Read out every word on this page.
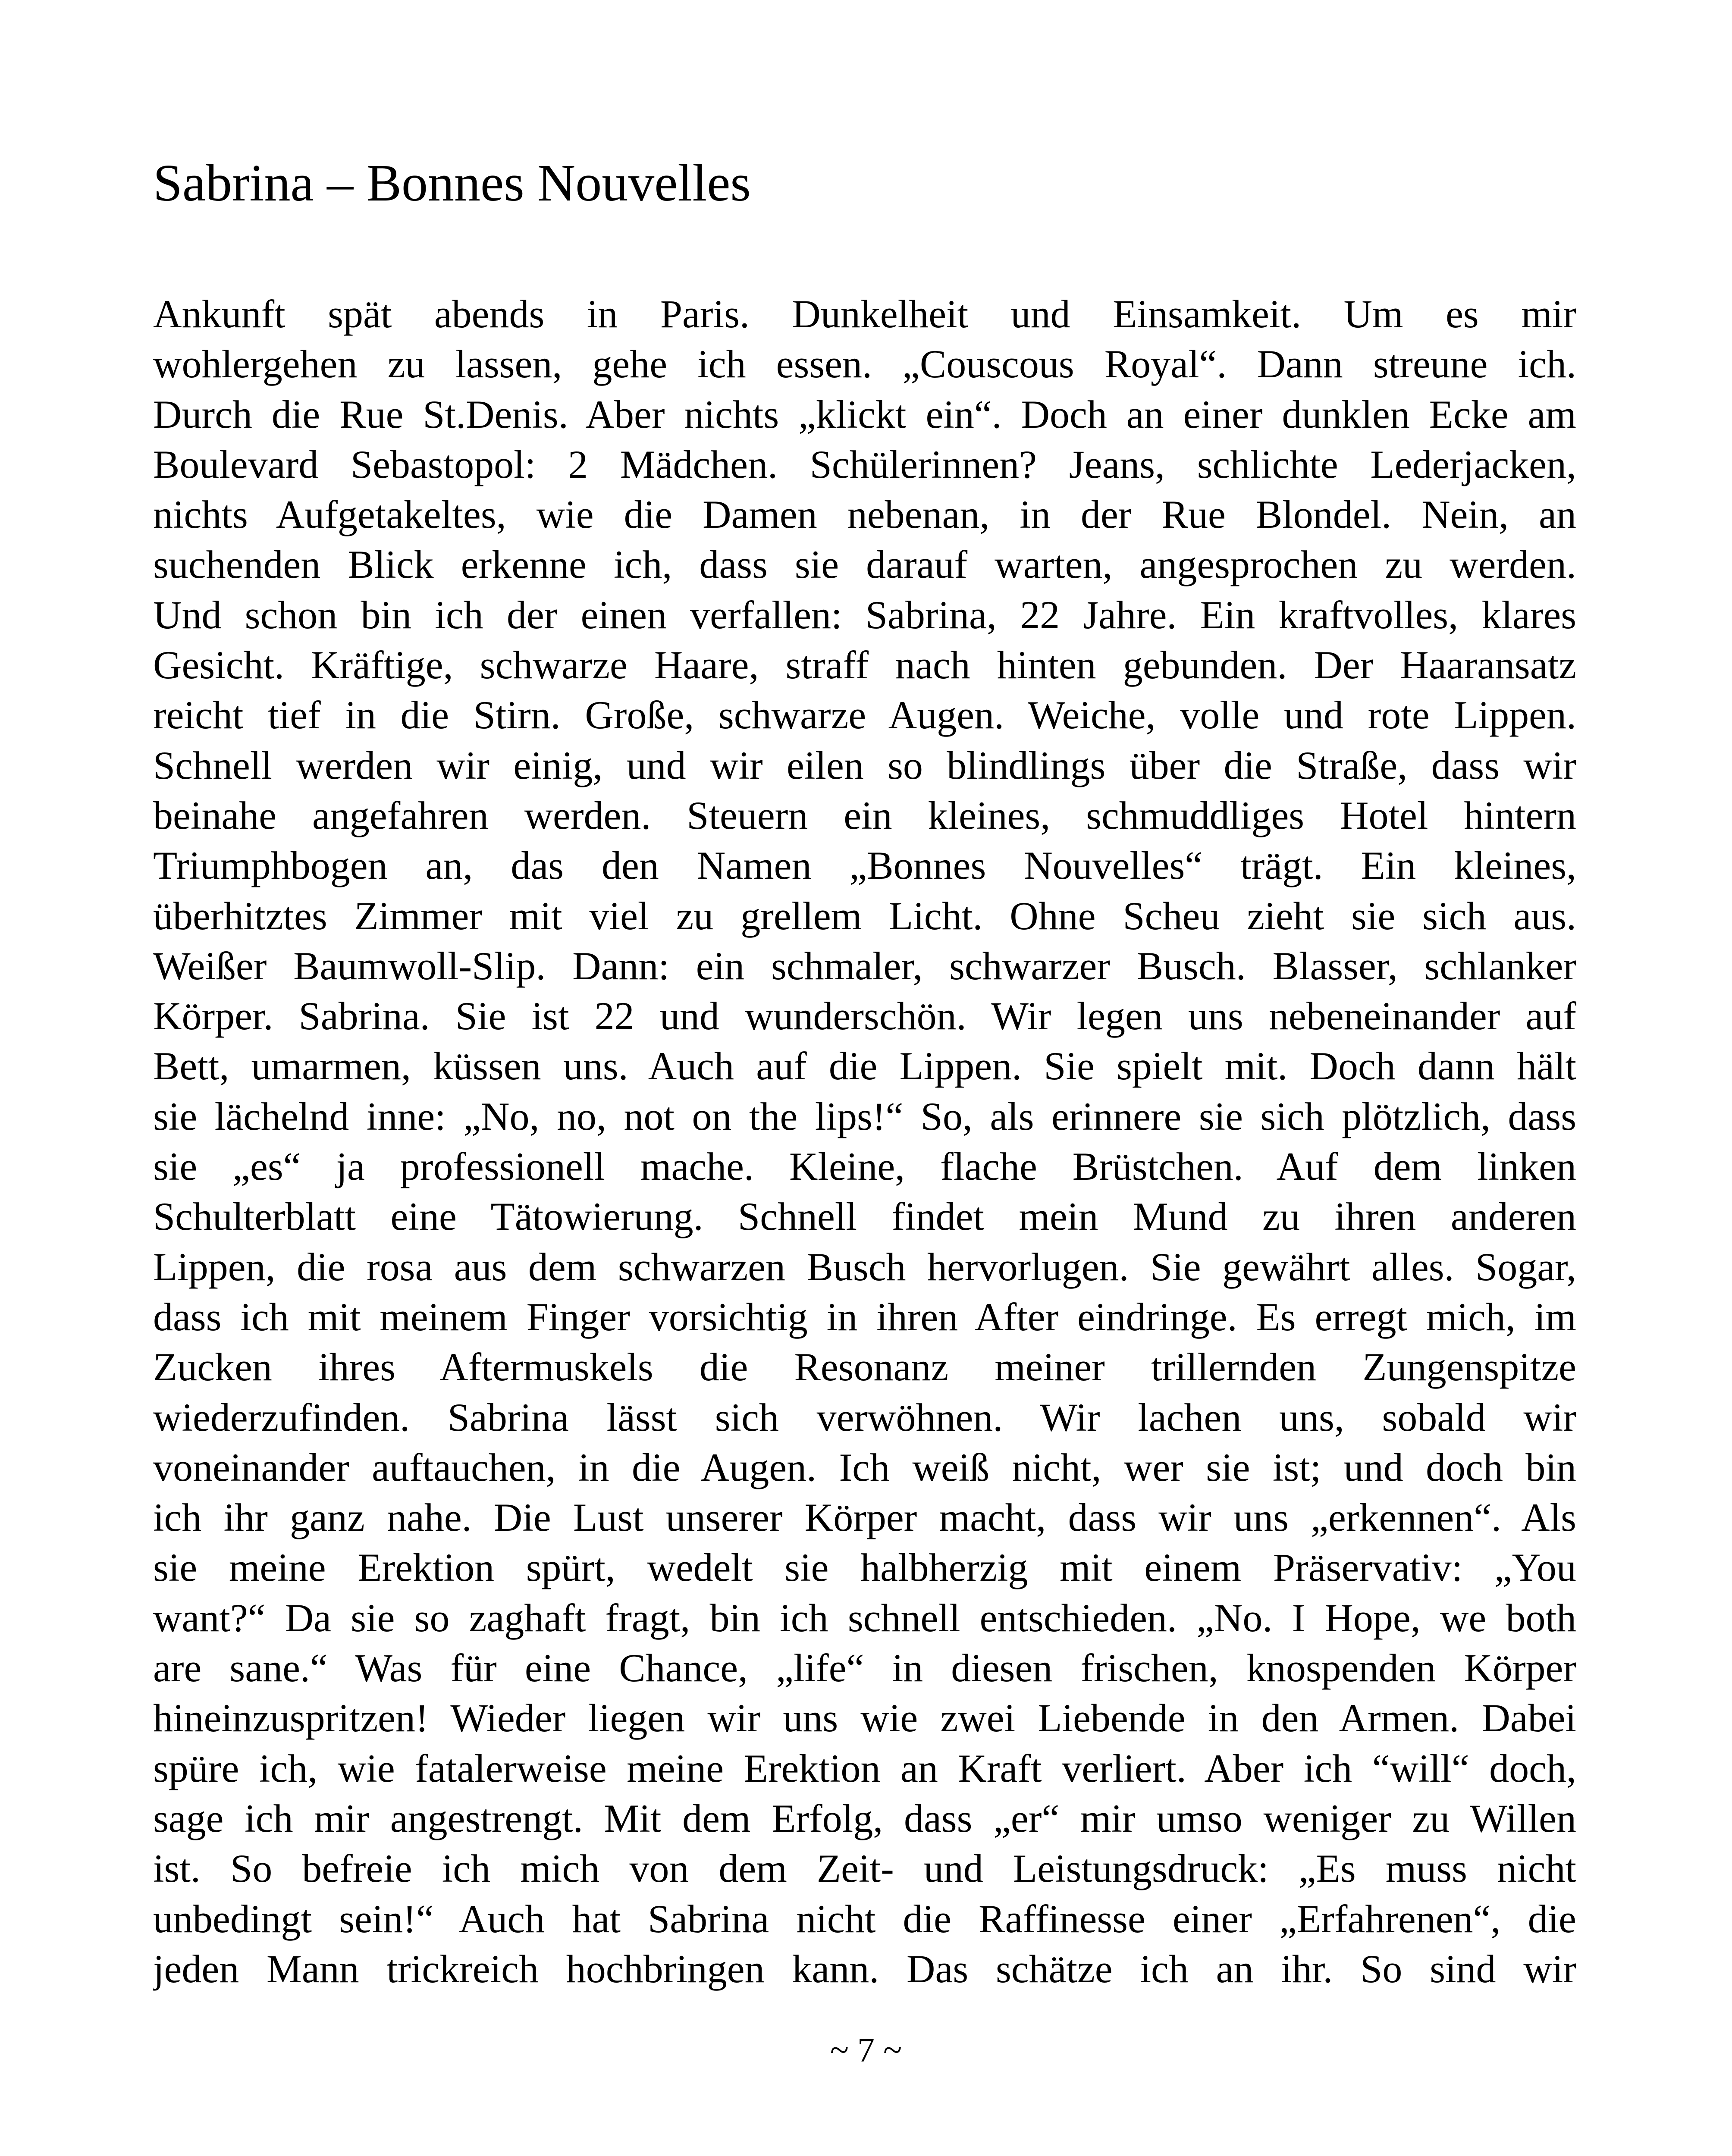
Sabrina – Bonnes Nouvelles
Ankunft spät abends in Paris. Dunkelheit und Einsamkeit. Um es mir
wohlergehen zu lassen, gehe ich essen. „Couscous Royal“. Dann streune ich.
Durch die Rue St.Denis. Aber nichts „klickt ein“. Doch an einer dunklen Ecke am
Boulevard Sebastopol: 2 Mädchen. Schülerinnen? Jeans, schlichte Lederjacken,
nichts Aufgetakeltes, wie die Damen nebenan, in der Rue Blondel. Nein, an
suchenden Blick erkenne ich, dass sie darauf warten, angesprochen zu werden.
Und schon bin ich der einen verfallen: Sabrina, 22 Jahre. Ein kraftvolles, klares
Gesicht. Kräftige, schwarze Haare, straff nach hinten gebunden. Der Haaransatz
reicht tief in die Stirn. Große, schwarze Augen. Weiche, volle und rote Lippen.
Schnell werden wir einig, und wir eilen so blindlings über die Straße, dass wir
beinahe angefahren werden. Steuern ein kleines, schmuddliges Hotel hintern
Triumphbogen an, das den Namen „Bonnes Nouvelles“ trägt. Ein kleines,
überhitztes Zimmer mit viel zu grellem Licht. Ohne Scheu zieht sie sich aus.
Weißer Baumwoll-Slip. Dann: ein schmaler, schwarzer Busch. Blasser, schlanker
Körper. Sabrina. Sie ist 22 und wunderschön. Wir legen uns nebeneinander auf
Bett, umarmen, küssen uns. Auch auf die Lippen. Sie spielt mit. Doch dann hält
sie lächelnd inne: „No, no, not on the lips!“ So, als erinnere sie sich plötzlich, dass
sie „es“ ja professionell mache. Kleine, flache Brüstchen. Auf dem linken
Schulterblatt eine Tätowierung. Schnell findet mein Mund zu ihren anderen
Lippen, die rosa aus dem schwarzen Busch hervorlugen. Sie gewährt alles. Sogar,
dass ich mit meinem Finger vorsichtig in ihren After eindringe. Es erregt mich, im
Zucken ihres Aftermuskels die Resonanz meiner trillernden Zungenspitze
wiederzufinden. Sabrina lässt sich verwöhnen. Wir lachen uns, sobald wir
voneinander auftauchen, in die Augen. Ich weiß nicht, wer sie ist; und doch bin
ich ihr ganz nahe. Die Lust unserer Körper macht, dass wir uns „erkennen“. Als
sie meine Erektion spürt, wedelt sie halbherzig mit einem Präservativ: „You
want?“ Da sie so zaghaft fragt, bin ich schnell entschieden. „No. I Hope, we both
are sane.“ Was für eine Chance, „life“ in diesen frischen, knospenden Körper
hineinzuspritzen! Wieder liegen wir uns wie zwei Liebende in den Armen. Dabei
spüre ich, wie fatalerweise meine Erektion an Kraft verliert. Aber ich “will“ doch,
sage ich mir angestrengt. Mit dem Erfolg, dass „er“ mir umso weniger zu Willen
ist. So befreie ich mich von dem Zeit- und Leistungsdruck: „Es muss nicht
unbedingt sein!“ Auch hat Sabrina nicht die Raffinesse einer „Erfahrenen“, die
jeden Mann trickreich hochbringen kann. Das schätze ich an ihr. So sind wir
~ 7 ~
